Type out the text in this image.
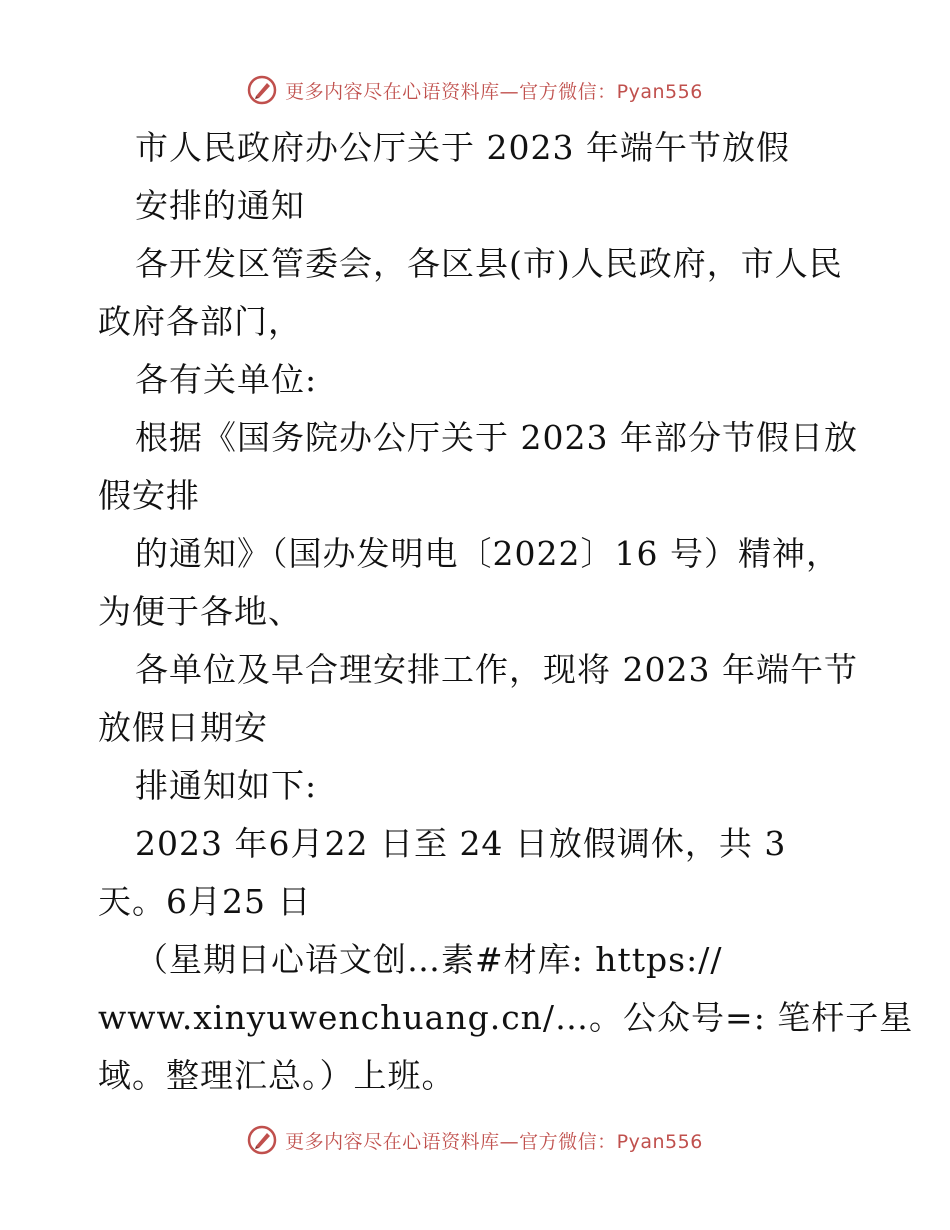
更多内容尽在心语资料库—官方微信：Pyan556
市人民政府办公厅关于 2023 年端午节放假
安排的通知
各开发区管委会，各区县(市)人民政府，市人民
政府各部门，
各有关单位:
根据《国务院办公厅关于 2023 年部分节假日放
假安排
的通知》（国办发明电〔2022〕16 号）精神，
为便于各地、
各单位及早合理安排工作，现将 2023 年端午节
放假日期安
排通知如下:
2023 年6月22 日至 24 日放假调休，共 3
天。6月25 日
（星期日心语文创…素#材库: https://
www.xinyuwenchuang.cn/…。公众号=: 笔杆子星
域。整理汇总。）上班。
更多内容尽在心语资料库—官方微信：Pyan556
